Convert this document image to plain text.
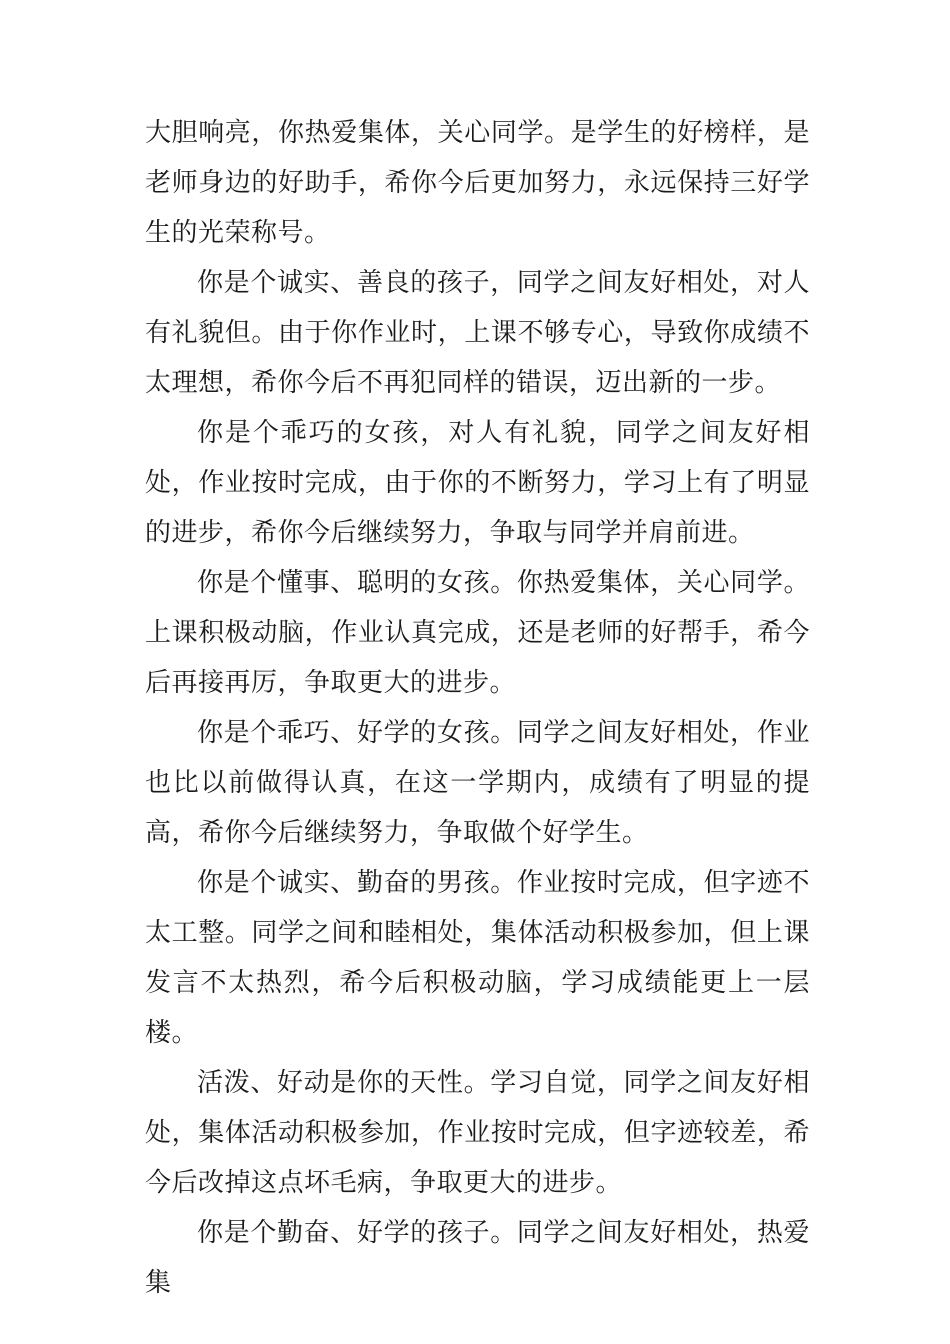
大胆响亮，你热爱集体，关心同学。是学生的好榜样，是老师身边的好助手，希你今后更加努力，永远保持三好学生的光荣称号。

你是个诚实、善良的孩子，同学之间友好相处，对人有礼貌但。由于你作业时，上课不够专心，导致你成绩不太理想，希你今后不再犯同样的错误，迈出新的一步。

你是个乖巧的女孩，对人有礼貌，同学之间友好相处，作业按时完成，由于你的不断努力，学习上有了明显的进步，希你今后继续努力，争取与同学并肩前进。

你是个懂事、聪明的女孩。你热爱集体，关心同学。上课积极动脑，作业认真完成，还是老师的好帮手，希今后再接再厉，争取更大的进步。

你是个乖巧、好学的女孩。同学之间友好相处，作业也比以前做得认真，在这一学期内，成绩有了明显的提高，希你今后继续努力，争取做个好学生。

你是个诚实、勤奋的男孩。作业按时完成，但字迹不太工整。同学之间和睦相处，集体活动积极参加，但上课发言不太热烈，希今后积极动脑，学习成绩能更上一层楼。

活泼、好动是你的天性。学习自觉，同学之间友好相处，集体活动积极参加，作业按时完成，但字迹较差，希今后改掉这点坏毛病，争取更大的进步。

你是个勤奋、好学的孩子。同学之间友好相处，热爱集
